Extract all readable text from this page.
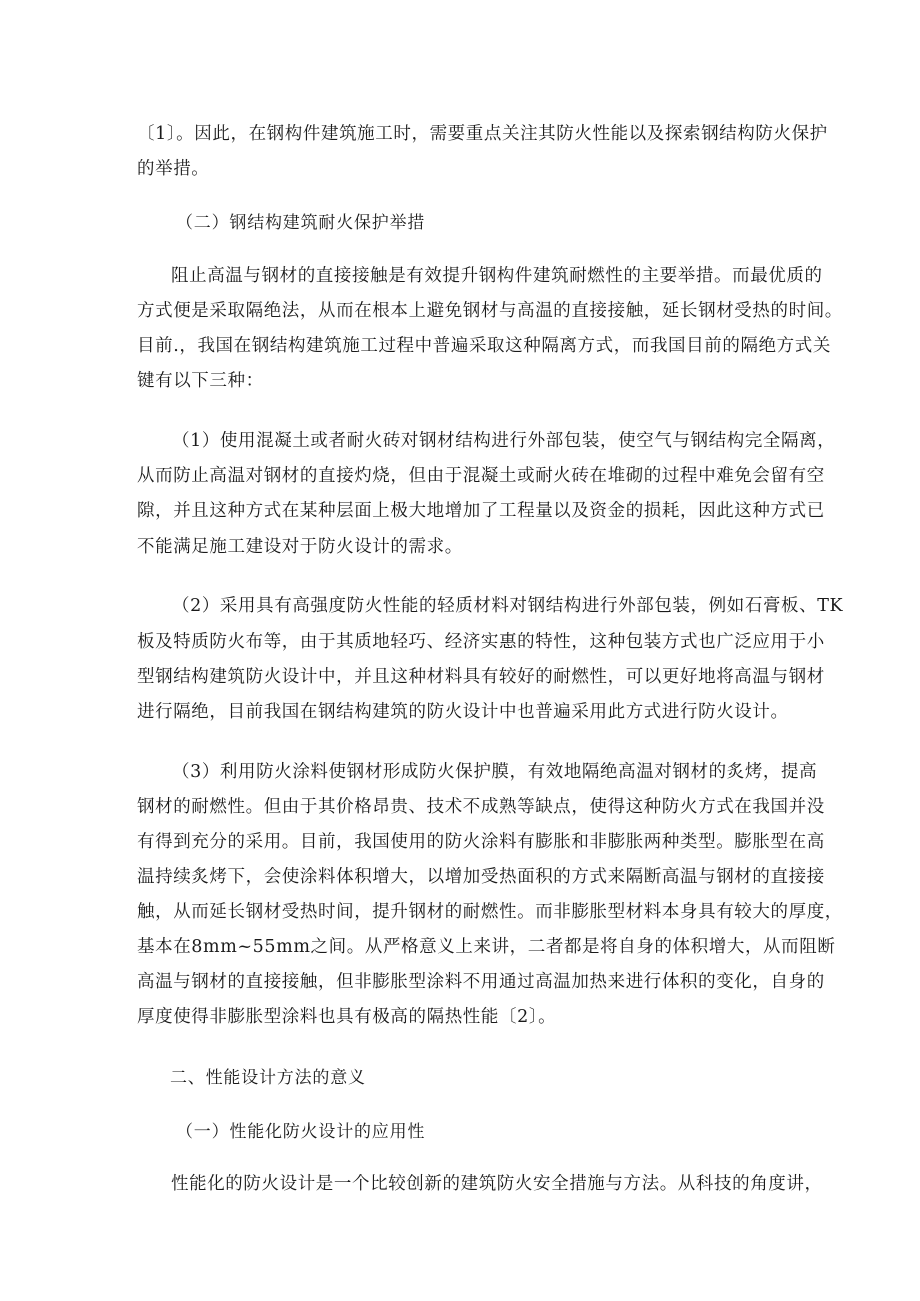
〔1〕。因此，在钢构件建筑施工时，需要重点关注其防火性能以及探索钢结构防火保护
的举措。
（二）钢结构建筑耐火保护举措
阻止高温与钢材的直接接触是有效提升钢构件建筑耐燃性的主要举措。而最优质的
方式便是采取隔绝法，从而在根本上避免钢材与高温的直接接触，延长钢材受热的时间。
目前.，我国在钢结构建筑施工过程中普遍采取这种隔离方式，而我国目前的隔绝方式关
键有以下三种：
（1）使用混凝土或者耐火砖对钢材结构进行外部包装，使空气与钢结构完全隔离，
从而防止高温对钢材的直接灼烧，但由于混凝土或耐火砖在堆砌的过程中难免会留有空
隙，并且这种方式在某种层面上极大地增加了工程量以及资金的损耗，因此这种方式已
不能满足施工建设对于防火设计的需求。
（2）采用具有高强度防火性能的轻质材料对钢结构进行外部包装，例如石膏板、TK
板及特质防火布等，由于其质地轻巧、经济实惠的特性，这种包装方式也广泛应用于小
型钢结构建筑防火设计中，并且这种材料具有较好的耐燃性，可以更好地将高温与钢材
进行隔绝，目前我国在钢结构建筑的防火设计中也普遍采用此方式进行防火设计。
（3）利用防火涂料使钢材形成防火保护膜，有效地隔绝高温对钢材的炙烤，提高
钢材的耐燃性。但由于其价格昂贵、技术不成熟等缺点，使得这种防火方式在我国并没
有得到充分的采用。目前，我国使用的防火涂料有膨胀和非膨胀两种类型。膨胀型在高
温持续炙烤下，会使涂料体积增大，以增加受热面积的方式来隔断高温与钢材的直接接
触，从而延长钢材受热时间，提升钢材的耐燃性。而非膨胀型材料本身具有较大的厚度，
基本在8mm~55mm之间。从严格意义上来讲，二者都是将自身的体积增大，从而阻断
高温与钢材的直接接触，但非膨胀型涂料不用通过高温加热来进行体积的变化，自身的
厚度使得非膨胀型涂料也具有极高的隔热性能〔2〕。
二、性能设计方法的意义
（一）性能化防火设计的应用性
性能化的防火设计是一个比较创新的建筑防火安全措施与方法。从科技的角度讲，
